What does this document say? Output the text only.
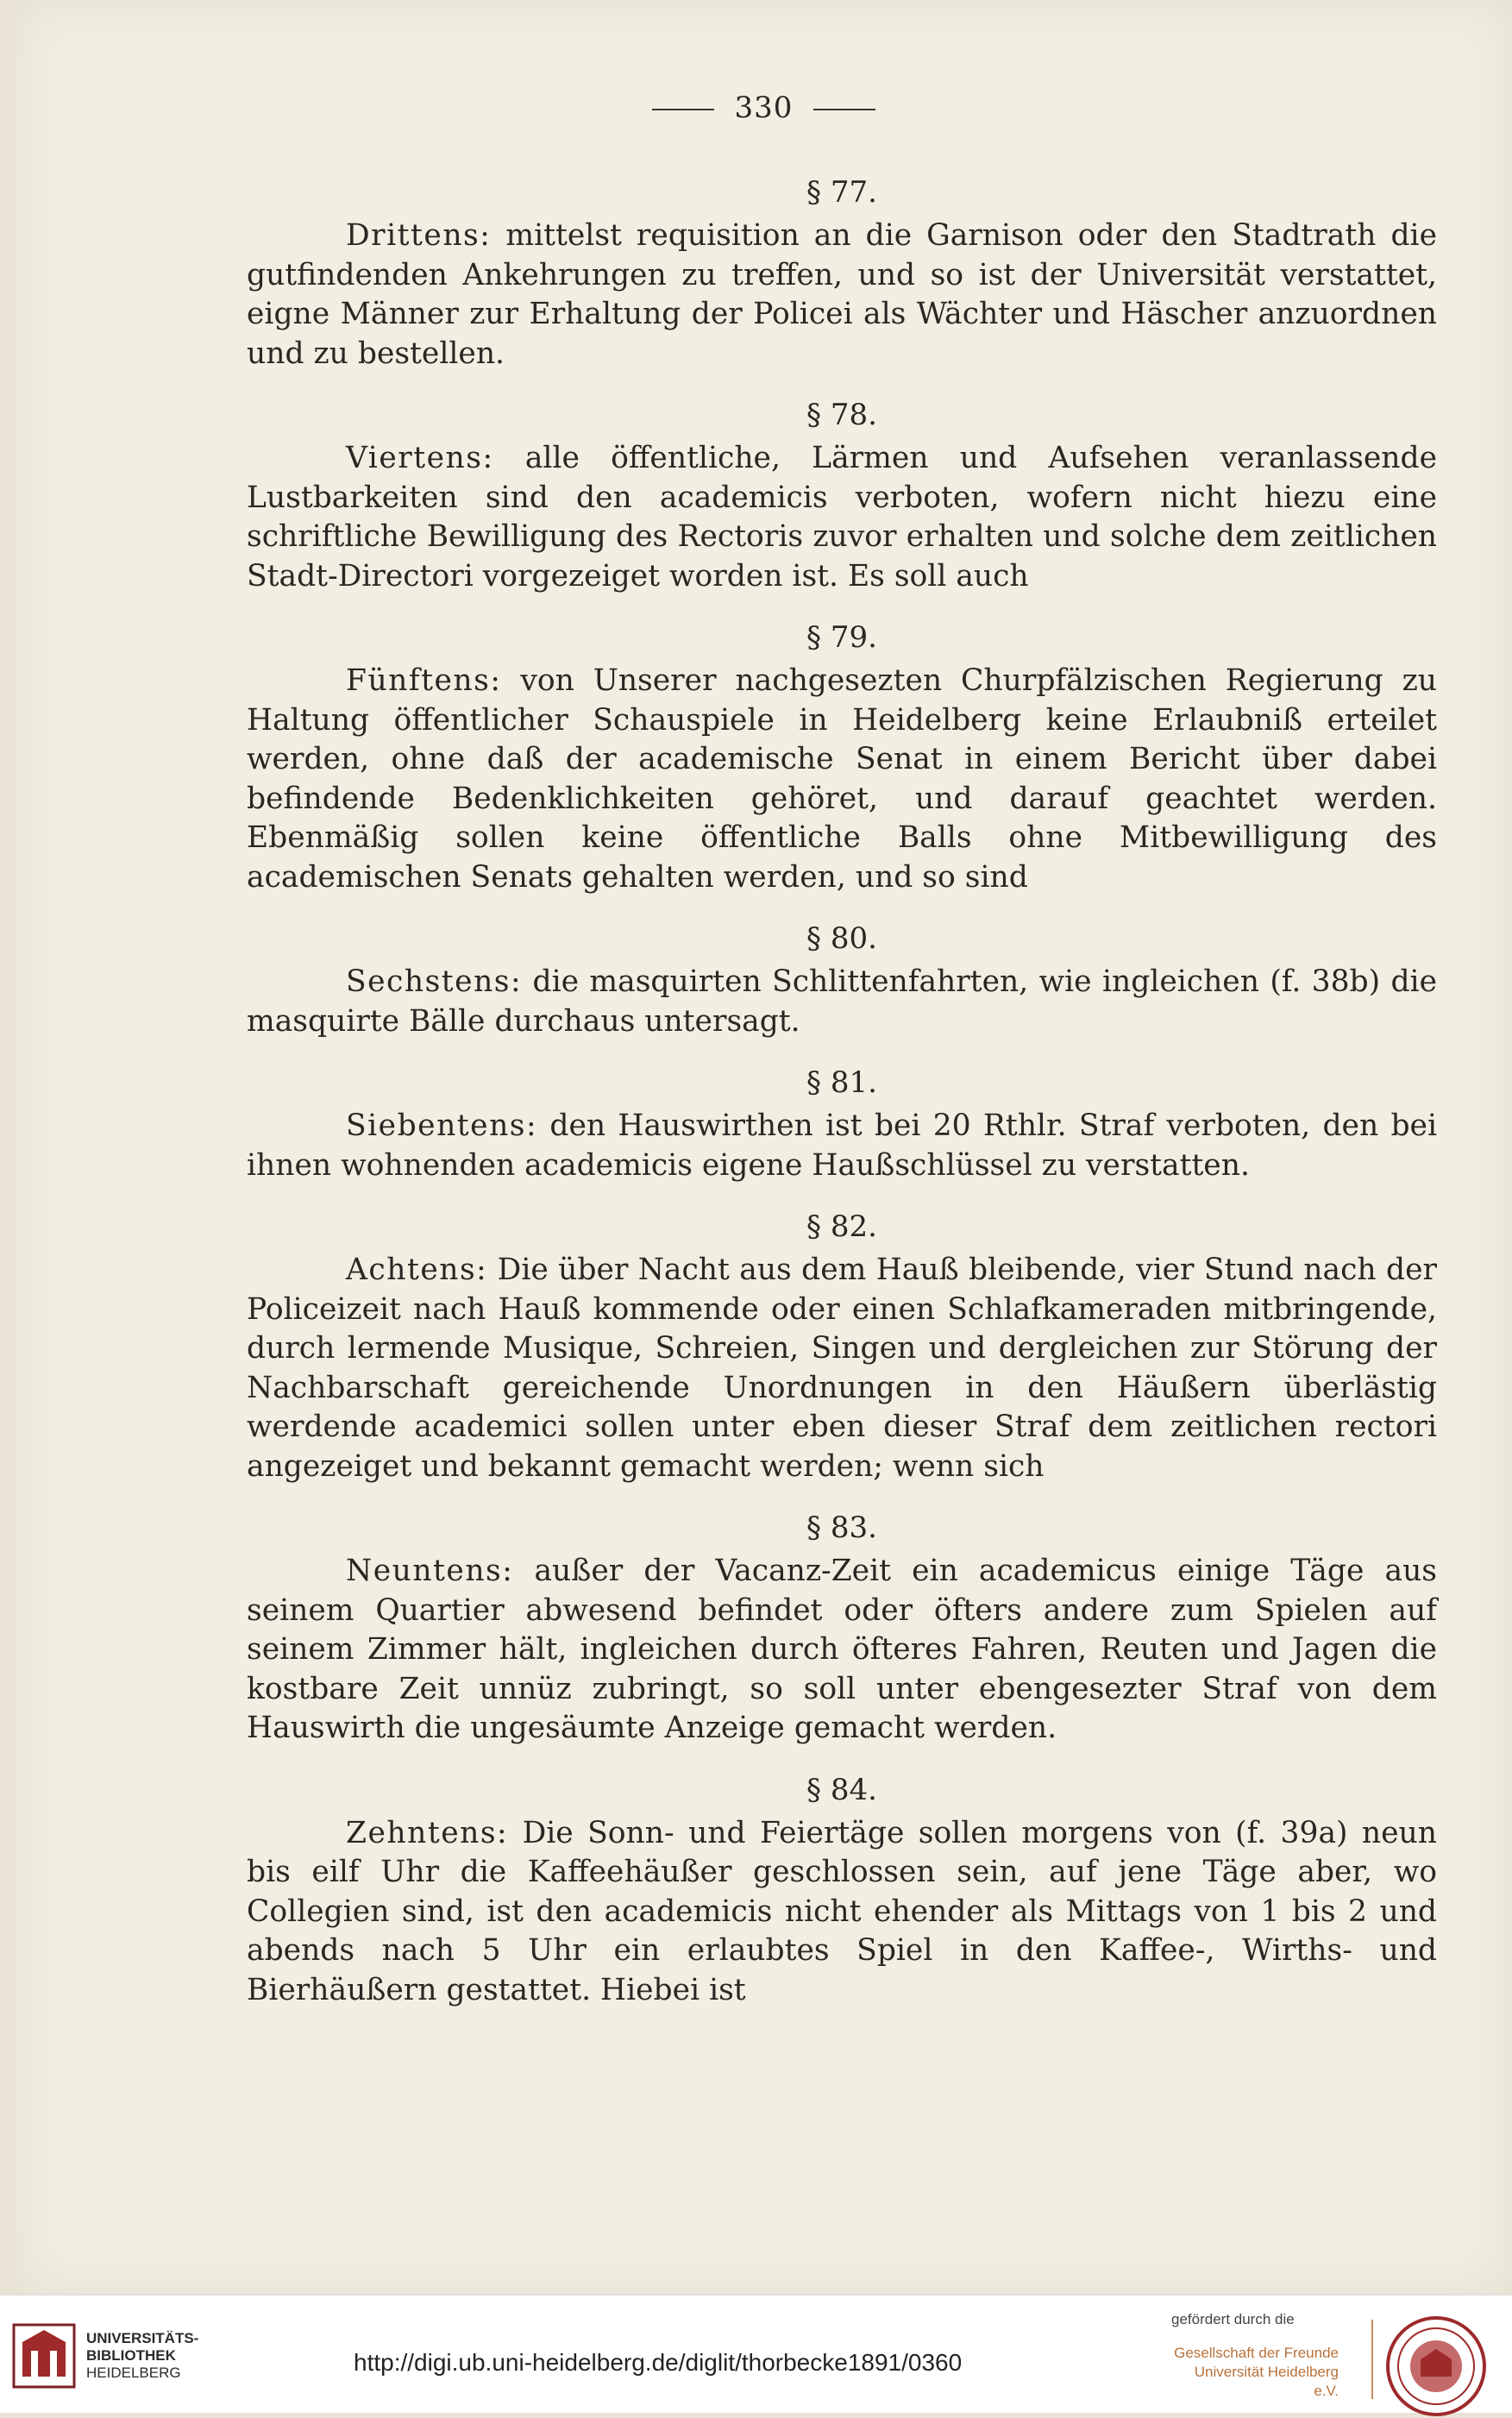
330

§ 77.

Drittens: mittelst requisition an die Garnison oder den Stadtrath die gutfindenden Ankehrungen zu treffen, und so ist der Universität verstattet, eigne Männer zur Erhaltung der Policei als Wächter und Häscher anzuordnen und zu bestellen.

§ 78.

Viertens: alle öffentliche, Lärmen und Aufsehen veranlassende Lustbarkeiten sind den academicis verboten, wofern nicht hiezu eine schriftliche Bewilligung des Rectoris zuvor erhalten und solche dem zeitlichen Stadt-Directori vorgezeiget worden ist. Es soll auch

§ 79.

Fünftens: von Unserer nachgesezten Churpfälzischen Regierung zu Haltung öffentlicher Schauspiele in Heidelberg keine Erlaubniß erteilet werden, ohne daß der academische Senat in einem Bericht über dabei befindende Bedenklichkeiten gehöret, und darauf geachtet werden. Ebenmäßig sollen keine öffentliche Balls ohne Mitbewilligung des academischen Senats gehalten werden, und so sind

§ 80.

Sechstens: die masquirten Schlittenfahrten, wie ingleichen (f. 38b) die masquirte Bälle durchaus untersagt.

§ 81.

Siebentens: den Hauswirthen ist bei 20 Rthlr. Straf verboten, den bei ihnen wohnenden academicis eigene Haußschlüssel zu verstatten.

§ 82.

Achtens: Die über Nacht aus dem Hauß bleibende, vier Stund nach der Policeizeit nach Hauß kommende oder einen Schlafkameraden mitbringende, durch lermende Musique, Schreien, Singen und dergleichen zur Störung der Nachbarschaft gereichende Unordnungen in den Häußern überlästig werdende academici sollen unter eben dieser Straf dem zeitlichen rectori angezeiget und bekannt gemacht werden; wenn sich

§ 83.

Neuntens: außer der Vacanz-Zeit ein academicus einige Täge aus seinem Quartier abwesend befindet oder öfters andere zum Spielen auf seinem Zimmer hält, ingleichen durch öfteres Fahren, Reuten und Jagen die kostbare Zeit unnüz zubringt, so soll unter ebengesezter Straf von dem Hauswirth die ungesäumte Anzeige gemacht werden.

§ 84.

Zehntens: Die Sonn- und Feiertäge sollen morgens von (f. 39a) neun bis eilf Uhr die Kaffeehäußer geschlossen sein, auf jene Täge aber, wo Collegien sind, ist den academicis nicht ehender als Mittags von 1 bis 2 und abends nach 5 Uhr ein erlaubtes Spiel in den Kaffee-, Wirths- und Bierhäußern gestattet. Hiebei ist

UNIVERSITÄTS-
BIBLIOTHEK
HEIDELBERG	http://digi.ub.uni-heidelberg.de/diglit/thorbecke1891/0360
gefördert durch die
Gesellschaft der Freunde
Universität Heidelberg e.V.
